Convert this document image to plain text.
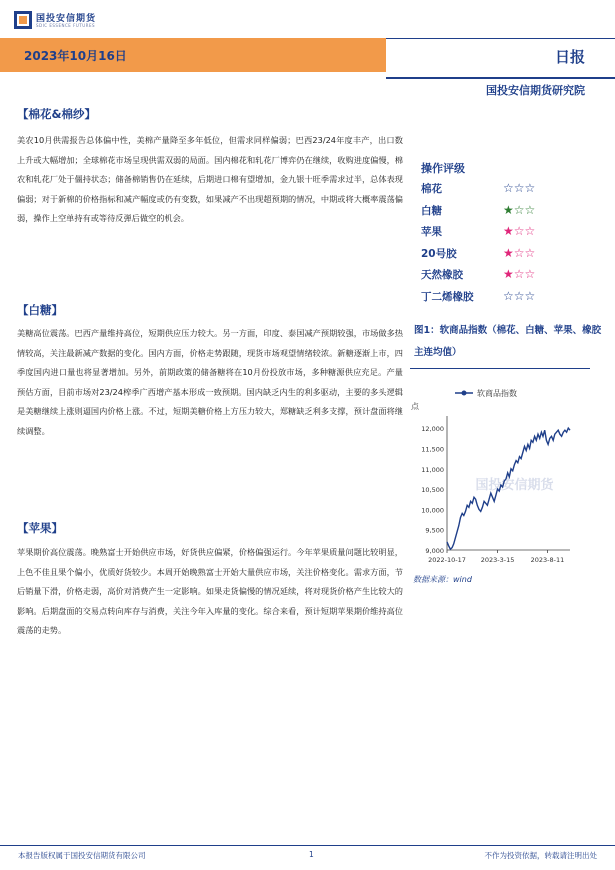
国投安信期货
SDIC ESSENCE FUTURES
2023年10月16日	日报
国投安信期货研究院
【棉花&棉纱】
美农10月供需报告总体偏中性，美棉产量降至多年低位，但需求同样偏弱；巴西23/24年度丰产，出口数上升或大幅增加；全球棉花市场呈现供需双弱的局面。国内棉花和轧花厂博弈仍在继续，收购进度偏慢，棉农和轧花厂处于僵持状态；储备棉销售仍在延续，后期进口棉有望增加，金九银十旺季需求过半，总体表现偏弱；对于新棉的价格指标和减产幅度或仍有变数，如果减产不出现超预期的情况，中期或将大概率震荡偏弱，操作上空单持有或等待反弹后做空的机会。
【白糖】
美糖高位震荡。巴西产量维持高位，短期供应压力较大。另一方面，印度、泰国减产预期较强，市场做多热情较高，关注最新减产数据的变化。国内方面，价格走势跟随，现货市场观望情绪较浓。新糖逐渐上市，四季度国内进口量也将显著增加。另外，前期政策的储备糖将在10月份投放市场，多种糖源供应充足。产量预估方面，目前市场对23/24榨季广西增产基本形成一致预期。国内缺乏内生的利多驱动，主要的多头逻辑是美糖继续上涨则逼国内价格上涨。不过，短期美糖价格上方压力较大，郑糖缺乏利多支撑，预计盘面将继续调整。
【苹果】
苹果期价高位震荡。晚熟富士开始供应市场，好货供应偏紧，价格偏强运行。今年苹果质量问题比较明显，上色不佳且果个偏小，优质好货较少。本周开始晚熟富士开始大量供应市场，关注价格变化。需求方面，节后销量下滑，价格走弱，高价对消费产生一定影响。如果走货偏慢的情况延续，将对现货价格产生比较大的影响。后期盘面的交易点转向库存与消费，关注今年入库量的变化。综合来看，预计短期苹果期价维持高位震荡的走势。
操作评级
棉花	☆☆☆
白糖	★☆☆
苹果	★☆☆
20号胶	★☆☆
天然橡胶	★☆☆
丁二烯橡胶 ☆☆☆
图1：软商品指数（棉花、白糖、苹果、橡胶主连均值）
国投安信期货
软商品指数
点
9,000
9,500
10,000
10,500
11,000
11,500
12,000
2022-10-17 2023-3-15 2023-8-11
数据来源：wind
本报告版权属于国投安信期货有限公司	1	不作为投资依据，转载请注明出处
